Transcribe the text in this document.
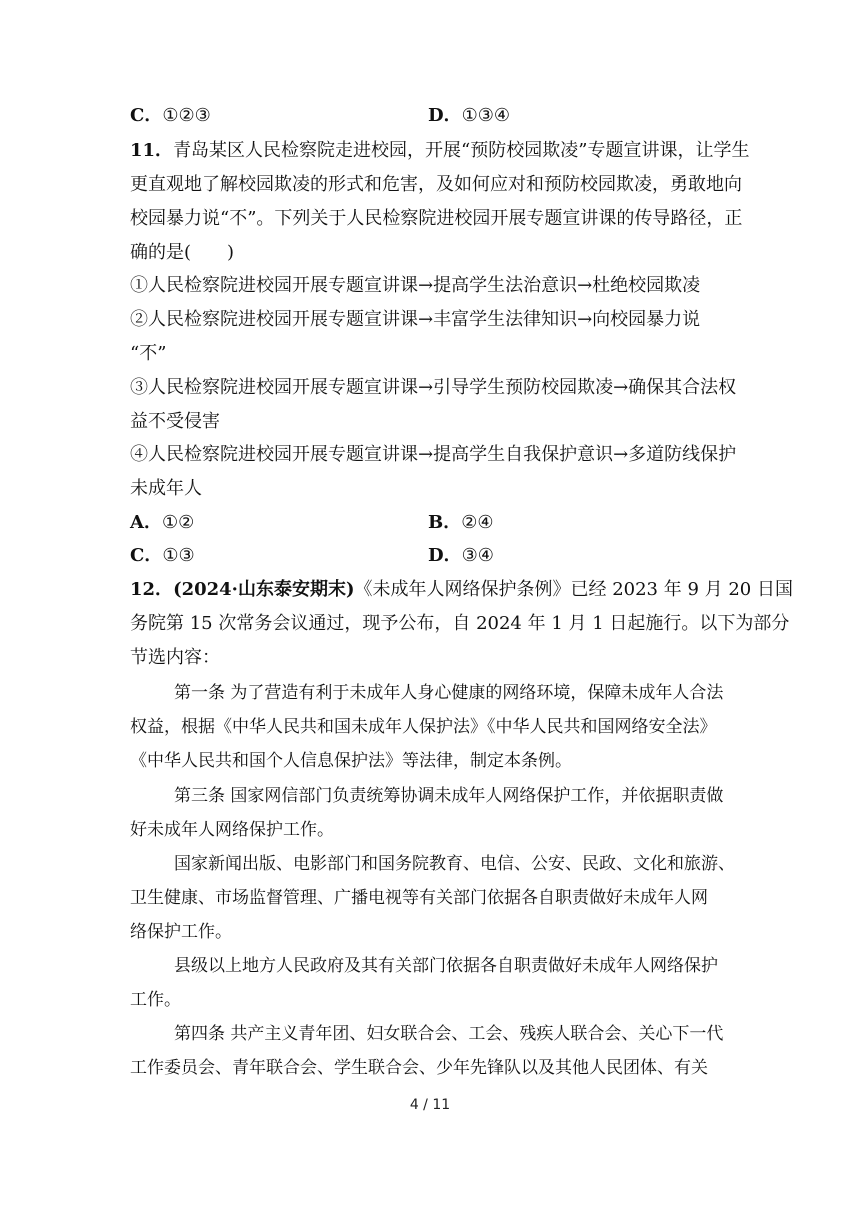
C．①②③	D．①③④
11．青岛某区人民检察院走进校园，开展“预防校园欺凌”专题宣讲课，让学生
更直观地了解校园欺凌的形式和危害，及如何应对和预防校园欺凌，勇敢地向
校园暴力说“不”。下列关于人民检察院进校园开展专题宣讲课的传导路径，正
确的是(　　)
①人民检察院进校园开展专题宣讲课→提高学生法治意识→杜绝校园欺凌
②人民检察院进校园开展专题宣讲课→丰富学生法律知识→向校园暴力说
“不”
③人民检察院进校园开展专题宣讲课→引导学生预防校园欺凌→确保其合法权
益不受侵害
④人民检察院进校园开展专题宣讲课→提高学生自我保护意识→多道防线保护
未成年人
A．①②	B．②④
C．①③	D．③④
12．(2024·山东泰安期末)《未成年人网络保护条例》已经 2023 年 9 月 20 日国
务院第 15 次常务会议通过，现予公布，自 2024 年 1 月 1 日起施行。以下为部分
节选内容：
第一条 为了营造有利于未成年人身心健康的网络环境，保障未成年人合法
权益，根据《中华人民共和国未成年人保护法》《中华人民共和国网络安全法》
《中华人民共和国个人信息保护法》等法律，制定本条例。
第三条 国家网信部门负责统筹协调未成年人网络保护工作，并依据职责做
好未成年人网络保护工作。
国家新闻出版、电影部门和国务院教育、电信、公安、民政、文化和旅游、
卫生健康、市场监督管理、广播电视等有关部门依据各自职责做好未成年人网
络保护工作。
县级以上地方人民政府及其有关部门依据各自职责做好未成年人网络保护
工作。
第四条 共产主义青年团、妇女联合会、工会、残疾人联合会、关心下一代
工作委员会、青年联合会、学生联合会、少年先锋队以及其他人民团体、有关
4 / 11
